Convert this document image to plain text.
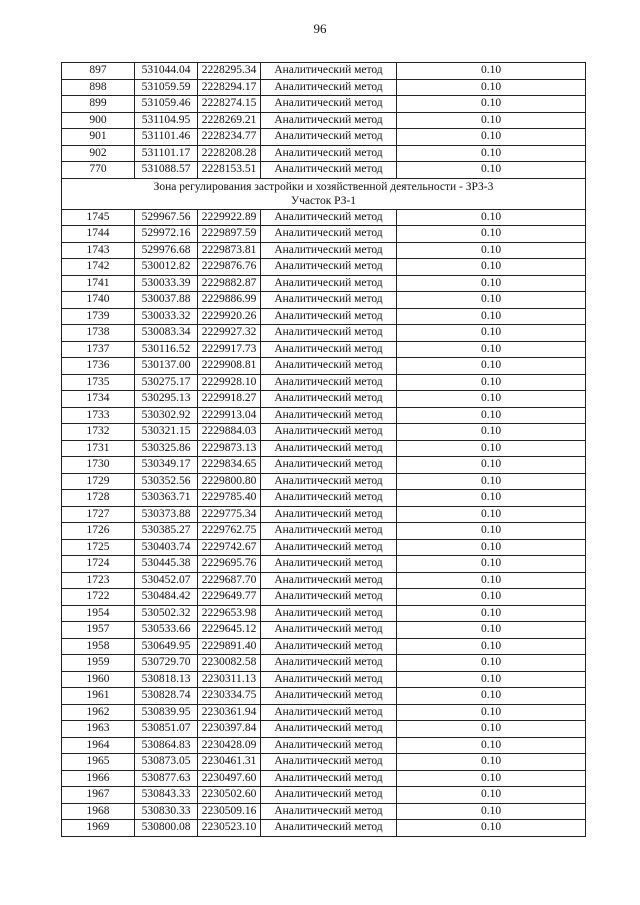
96
897	531044.04	2228295.34	Аналитический метод	0.10
898	531059.59	2228294.17	Аналитический метод	0.10
899	531059.46	2228274.15	Аналитический метод	0.10
900	531104.95	2228269.21	Аналитический метод	0.10
901	531101.46	2228234.77	Аналитический метод	0.10
902	531101.17	2228208.28	Аналитический метод	0.10
770	531088.57	2228153.51	Аналитический метод	0.10

Зона регулирования застройки и хозяйственной деятельности - ЗРЗ-3
Участок РЗ-1				

1745	529967.56	2229922.89	Аналитический метод	0.10
1744	529972.16	2229897.59	Аналитический метод	0.10
1743	529976.68	2229873.81	Аналитический метод	0.10
1742	530012.82	2229876.76	Аналитический метод	0.10
1741	530033.39	2229882.87	Аналитический метод	0.10
1740	530037.88	2229886.99	Аналитический метод	0.10
1739	530033.32	2229920.26	Аналитический метод	0.10
1738	530083.34	2229927.32	Аналитический метод	0.10
1737	530116.52	2229917.73	Аналитический метод	0.10
1736	530137.00	2229908.81	Аналитический метод	0.10
1735	530275.17	2229928.10	Аналитический метод	0.10
1734	530295.13	2229918.27	Аналитический метод	0.10
1733	530302.92	2229913.04	Аналитический метод	0.10
1732	530321.15	2229884.03	Аналитический метод	0.10
1731	530325.86	2229873.13	Аналитический метод	0.10
1730	530349.17	2229834.65	Аналитический метод	0.10
1729	530352.56	2229800.80	Аналитический метод	0.10
1728	530363.71	2229785.40	Аналитический метод	0.10
1727	530373.88	2229775.34	Аналитический метод	0.10
1726	530385.27	2229762.75	Аналитический метод	0.10
1725	530403.74	2229742.67	Аналитический метод	0.10
1724	530445.38	2229695.76	Аналитический метод	0.10
1723	530452.07	2229687.70	Аналитический метод	0.10
1722	530484.42	2229649.77	Аналитический метод	0.10
1954	530502.32	2229653.98	Аналитический метод	0.10
1957	530533.66	2229645.12	Аналитический метод	0.10
1958	530649.95	2229891.40	Аналитический метод	0.10
1959	530729.70	2230082.58	Аналитический метод	0.10
1960	530818.13	2230311.13	Аналитический метод	0.10
1961	530828.74	2230334.75	Аналитический метод	0.10
1962	530839.95	2230361.94	Аналитический метод	0.10
1963	530851.07	2230397.84	Аналитический метод	0.10
1964	530864.83	2230428.09	Аналитический метод	0.10
1965	530873.05	2230461.31	Аналитический метод	0.10
1966	530877.63	2230497.60	Аналитический метод	0.10
1967	530843.33	2230502.60	Аналитический метод	0.10
1968	530830.33	2230509.16	Аналитический метод	0.10
1969	530800.08	2230523.10	Аналитический метод	0.10
